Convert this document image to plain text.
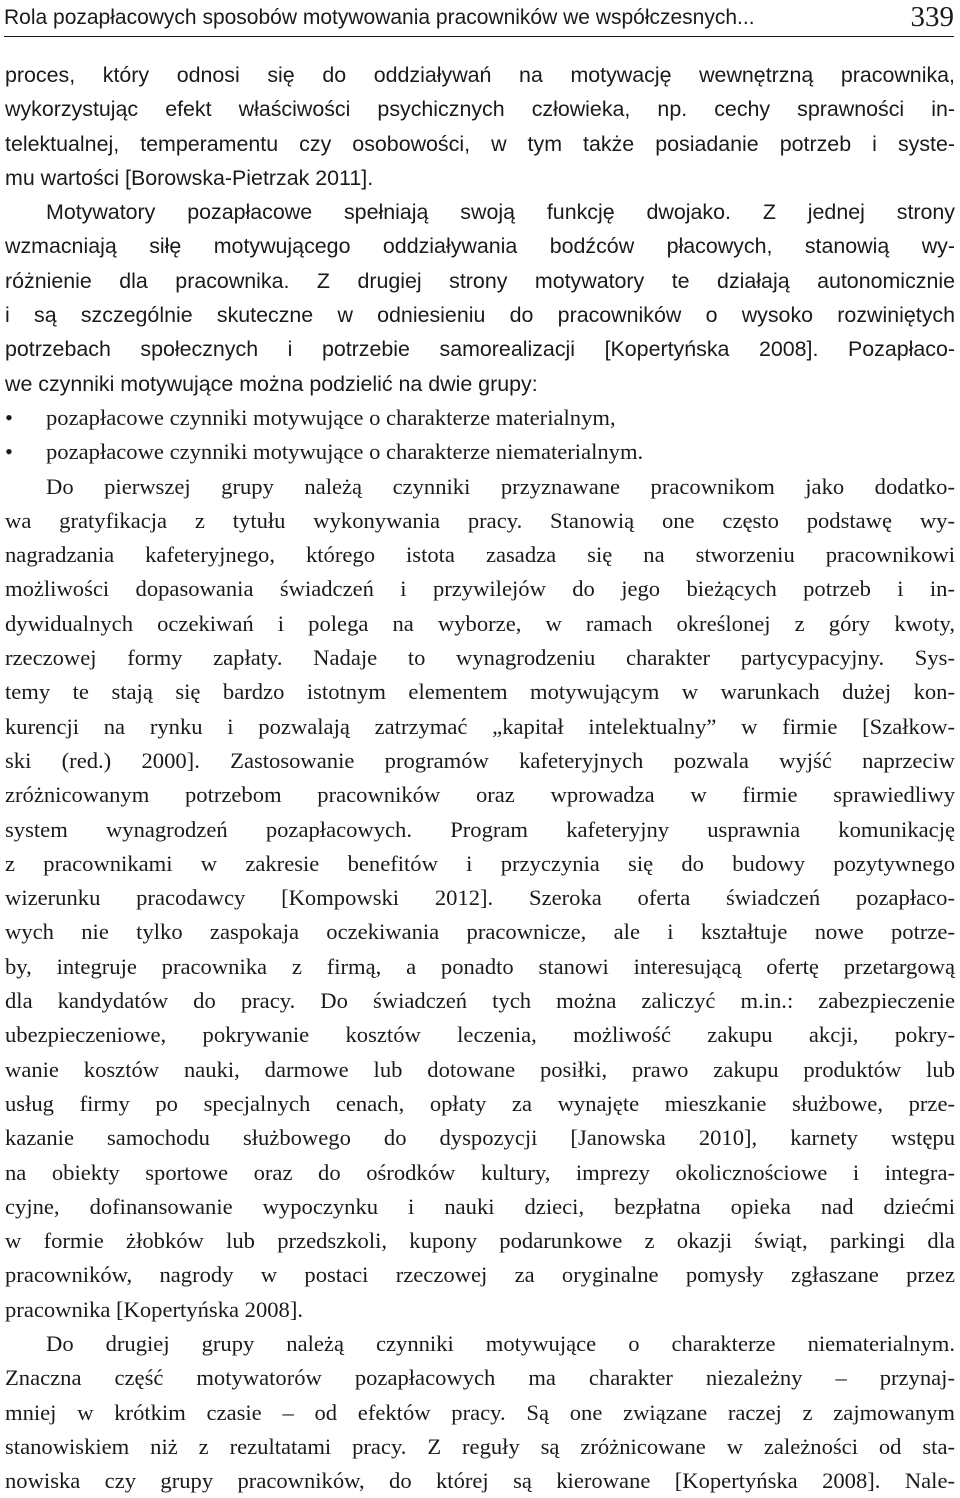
Rola pozapłacowych sposobów motywowania pracowników we współczesnych...	339
proces, który odnosi się do oddziaływań na motywację wewnętrzną pracownika,
wykorzystując efekt właściwości psychicznych człowieka, np. cechy sprawności in-
telektualnej, temperamentu czy osobowości, w tym także posiadanie potrzeb i syste-
mu wartości [Borowska-Pietrzak 2011].
Motywatory pozapłacowe spełniają swoją funkcję dwojako. Z jednej strony
wzmacniają siłę motywującego oddziaływania bodźców płacowych, stanowią wy-
różnienie dla pracownika. Z drugiej strony motywatory te działają autonomicznie
i są szczególnie skuteczne w odniesieniu do pracowników o wysoko rozwiniętych
potrzebach społecznych i potrzebie samorealizacji [Kopertyńska 2008]. Pozapłaco-
we czynniki motywujące można podzielić na dwie grupy:
•	pozapłacowe czynniki motywujące o charakterze materialnym,
•	pozapłacowe czynniki motywujące o charakterze niematerialnym.
Do pierwszej grupy należą czynniki przyznawane pracownikom jako dodatko-
wa gratyfikacja z tytułu wykonywania pracy. Stanowią one często podstawę wy-
nagradzania kafeteryjnego, którego istota zasadza się na stworzeniu pracownikowi
możliwości dopasowania świadczeń i przywilejów do jego bieżących potrzeb i in-
dywidualnych oczekiwań i polega na wyborze, w ramach określonej z góry kwoty,
rzeczowej formy zapłaty. Nadaje to wynagrodzeniu charakter partycypacyjny. Sys-
temy te stają się bardzo istotnym elementem motywującym w warunkach dużej kon-
kurencji na rynku i pozwalają zatrzymać „kapitał intelektualny” w firmie [Szałkow-
ski (red.) 2000]. Zastosowanie programów kafeteryjnych pozwala wyjść naprzeciw
zróżnicowanym potrzebom pracowników oraz wprowadza w firmie sprawiedliwy
system wynagrodzeń pozapłacowych. Program kafeteryjny usprawnia komunikację
z pracownikami w zakresie benefitów i przyczynia się do budowy pozytywnego
wizerunku pracodawcy [Kompowski 2012]. Szeroka oferta świadczeń pozapłaco-
wych nie tylko zaspokaja oczekiwania pracownicze, ale i kształtuje nowe potrze-
by, integruje pracownika z firmą, a ponadto stanowi interesującą ofertę przetargową
dla kandydatów do pracy. Do świadczeń tych można zaliczyć m.in.: zabezpieczenie
ubezpieczeniowe, pokrywanie kosztów leczenia, możliwość zakupu akcji, pokry-
wanie kosztów nauki, darmowe lub dotowane posiłki, prawo zakupu produktów lub
usług firmy po specjalnych cenach, opłaty za wynajęte mieszkanie służbowe, prze-
kazanie samochodu służbowego do dyspozycji [Janowska 2010], karnety wstępu
na obiekty sportowe oraz do ośrodków kultury, imprezy okolicznościowe i integra-
cyjne, dofinansowanie wypoczynku i nauki dzieci, bezpłatna opieka nad dziećmi
w formie żłobków lub przedszkoli, kupony podarunkowe z okazji świąt, parkingi dla
pracowników, nagrody w postaci rzeczowej za oryginalne pomysły zgłaszane przez
pracownika [Kopertyńska 2008].
Do drugiej grupy należą czynniki motywujące o charakterze niematerialnym.
Znaczna część motywatorów pozapłacowych ma charakter niezależny – przynaj-
mniej w krótkim czasie – od efektów pracy. Są one związane raczej z zajmowanym
stanowiskiem niż z rezultatami pracy. Z reguły są zróżnicowane w zależności od sta-
nowiska czy grupy pracowników, do której są kierowane [Kopertyńska 2008]. Nale-
